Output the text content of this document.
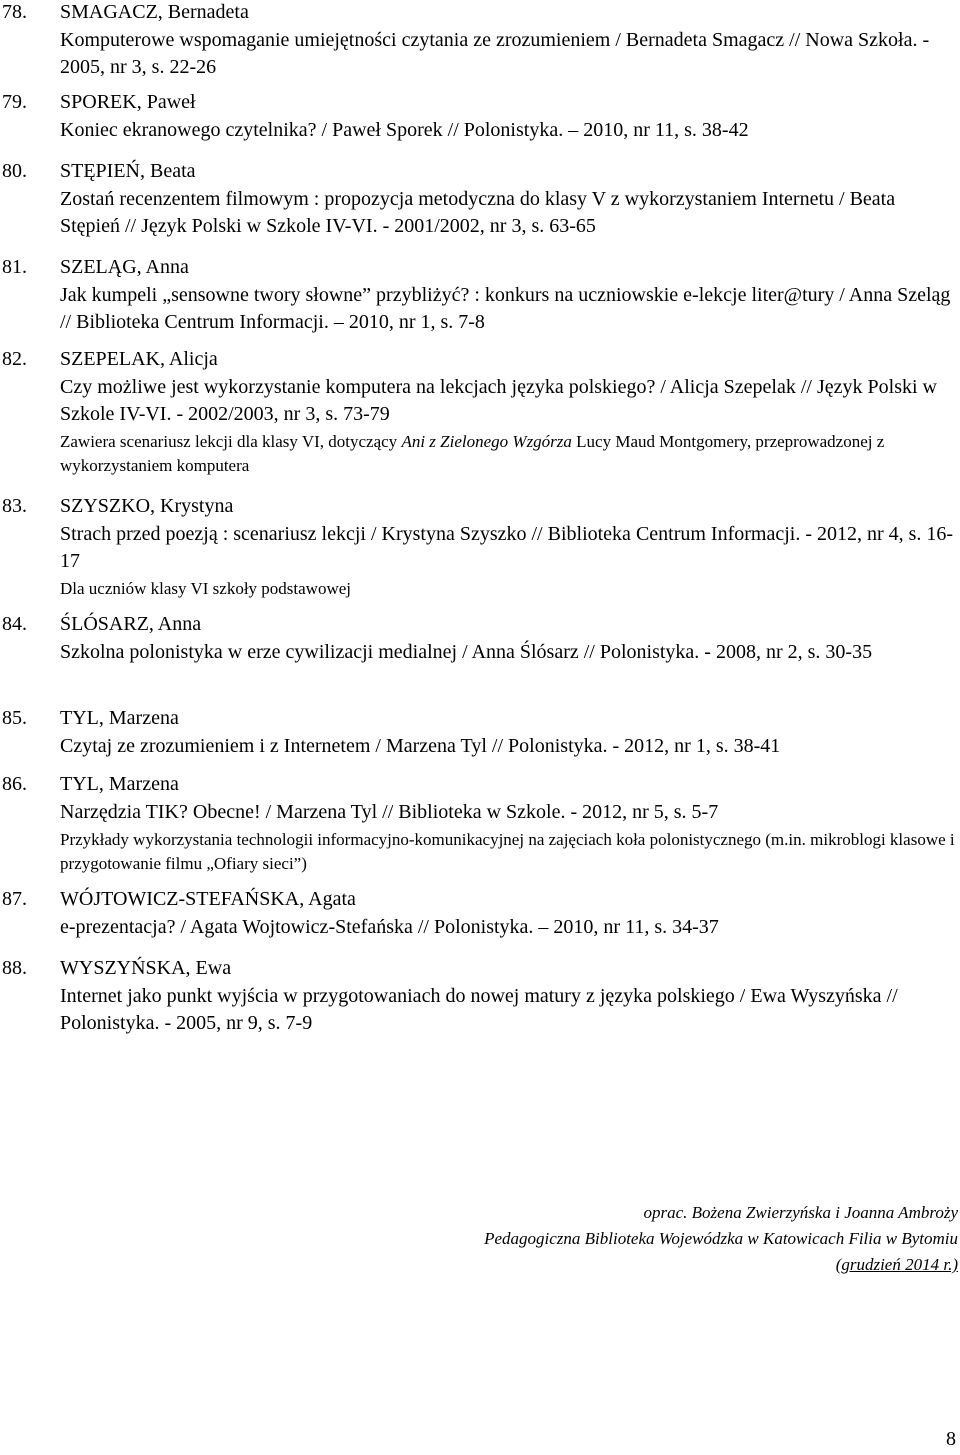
78. SMAGACZ, Bernadeta
Komputerowe wspomaganie umiejętności czytania ze zrozumieniem / Bernadeta Smagacz // Nowa Szkoła. - 2005, nr 3, s. 22-26
79. SPOREK, Paweł
Koniec ekranowego czytelnika? / Paweł Sporek // Polonistyka. – 2010, nr 11, s. 38-42
80. STĘPIEŃ, Beata
Zostań recenzentem filmowym : propozycja metodyczna do klasy V z wykorzystaniem Internetu / Beata Stępień // Język Polski w Szkole IV-VI. - 2001/2002, nr 3, s. 63-65
81. SZELĄG, Anna
Jak kumpeli „sensowne twory słowne” przybliżyć? : konkurs na uczniowskie e-lekcje liter@tury / Anna Szeląg // Biblioteka Centrum Informacji. – 2010, nr 1, s. 7-8
82. SZEPELAK, Alicja
Czy możliwe jest wykorzystanie komputera na lekcjach języka polskiego? / Alicja Szepelak // Język Polski w Szkole IV-VI. - 2002/2003, nr 3, s. 73-79
Zawiera scenariusz lekcji dla klasy VI, dotyczący Ani z Zielonego Wzgórza Lucy Maud Montgomery, przeprowadzonej z wykorzystaniem komputera
83. SZYSZKO, Krystyna
Strach przed poezją : scenariusz lekcji / Krystyna Szyszko // Biblioteka Centrum Informacji. - 2012, nr 4, s. 16-17
Dla uczniów klasy VI szkoły podstawowej
84. ŚLÓSARZ, Anna
Szkolna polonistyka w erze cywilizacji medialnej / Anna Ślósarz // Polonistyka. - 2008, nr 2, s. 30-35
85. TYL, Marzena
Czytaj ze zrozumieniem i z Internetem / Marzena Tyl // Polonistyka. - 2012, nr 1, s. 38-41
86. TYL, Marzena
Narzędzia TIK? Obecne! / Marzena Tyl // Biblioteka w Szkole. - 2012, nr 5, s. 5-7
Przykłady wykorzystania technologii informacyjno-komunikacyjnej na zajęciach koła polonistycznego (m.in. mikroblogi klasowe i przygotowanie filmu „Ofiary sieci”)
87. WÓJTOWICZ-STEFAŃSKA, Agata
e-prezentacja? / Agata Wojtowicz-Stefańska // Polonistyka. – 2010, nr 11, s. 34-37
88. WYSZYŃSKA, Ewa
Internet jako punkt wyjścia w przygotowaniach do nowej matury z języka polskiego / Ewa Wyszyńska // Polonistyka. - 2005, nr 9, s. 7-9
oprac. Bożena Zwierzyńska i Joanna Ambroży
Pedagogiczna Biblioteka Wojewódzka w Katowicach Filia w Bytomiu
(grudzień 2014 r.)
8
